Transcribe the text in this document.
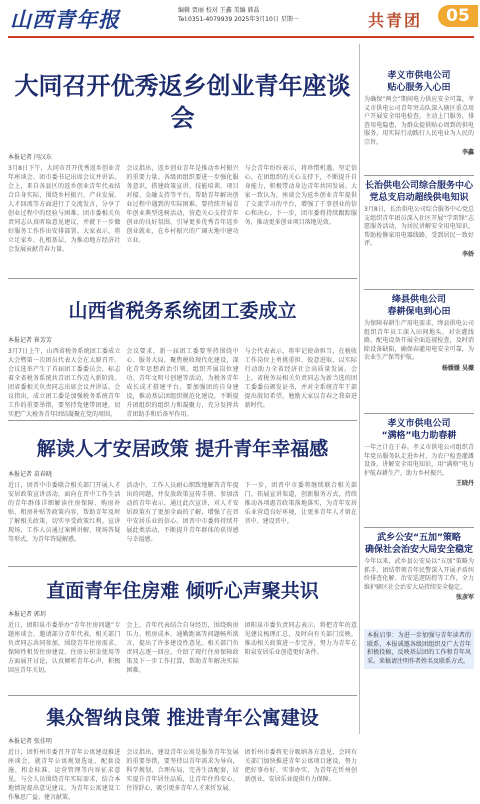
山西青年报	编辑 贾丽 校对 王鑫 美编 韩晶
Tel:0351-4079939 2025年3月10日 星期一	共青团	05
大同召开优秀返乡创业青年座谈会
本报记者 闫汉东
3月8日下午，大同市召开优秀返乡创业青年座谈会。团市委书记出席会议并讲话。会上，来自各县区的返乡创业青年代表结合自身实际，围绕乡村振兴、产业发展、人才回流等方面进行了交流发言，分享了创业过程中的经验与困难。团市委相关负责同志认真听取意见建议，并就下一步做好服务工作作出安排部署。大家表示，将立足家乡、扎根基层，为推动地方经济社会发展贡献青春力量。
会议指出，返乡创业青年是推动乡村振兴的重要力量。各级团组织要进一步强化服务意识，搭建政策宣讲、技能培训、项目对接、金融支持等平台，帮助青年解决创业过程中遇到的实际困难。要持续开展青年创业典型选树活动，营造关心支持青年创业的良好氛围，引导更多优秀青年返乡创业就业，在乡村振兴的广阔天地中建功立业。
与会青年纷纷表示，将珍惜机遇、坚定信心，在团组织的关心支持下，不断提升自身能力，积极带动身边青年共同发展。大家一致认为，座谈会为返乡创业青年提供了交流学习的平台，增强了干事创业的信心和决心。下一步，团市委将持续跟踪服务，推动更多创业项目落地见效。
山西省税务系统团工委成立
本报记者 崔芳芳
3月7日上午，山西省税务系统团工委成立大会暨第一次团员代表大会在太原召开。会议选举产生了首届团工委委员会，标志着全省税务系统共青团工作迈入新阶段。团省委相关负责同志出席会议并讲话。会议指出，成立团工委是加强税务系统青年工作的重要举措，要坚持党建带团建，切实把广大税务青年团结凝聚在党的周围。
会议要求，新一届团工委要坚持围绕中心、服务大局，聚焦税收现代化建设，深化青年思想政治引领，组织开展岗位建功、青年文明号创建等活动，为税务青年成长成才搭建平台。要加强团的自身建设，推动基层团组织规范化建设，不断提升团组织的组织力和凝聚力，充分发挥共青团助手和后备军作用。
与会代表表示，将牢记使命担当，在税收工作岗位上勇挑重担、锐意进取，以实际行动助力全省经济社会高质量发展。会上，省税务局相关负责同志为新当选的团工委委员颁发证书，并对全系统青年干部提出殷切希望，勉励大家以青春之我奋进新时代。
解读人才安居政策 提升青年幸福感
本报记者 苗春晓
近日，团晋中市委联合相关部门开展人才安居政策宣讲活动，面向在晋中工作生活的青年群体详细解读住房保障、购房补贴、租房补贴等政策内容，帮助青年及时了解相关政策，切实享受政策红利。宣讲现场，工作人员通过案例讲解、现场答疑等形式，为青年答疑解惑。
活动中，工作人员耐心细致地解答青年提出的问题，并发放政策宣传手册。参加活动的青年表示，通过此次宣讲，对人才安居政策有了更加全面的了解，增强了在晋中安居乐业的信心。团晋中市委将持续开展此类活动，不断提升青年群体的获得感与幸福感。
下一步，团晋中市委将继续联合相关部门，拓展宣讲渠道，创新服务方式，持续推动各项惠青政策落地落实，为青年安居乐业营造良好环境，让更多青年人才留在晋中、建设晋中。
直面青年住房难 倾听心声聚共识
本报记者 郭玥
近日，团阳泉市委举办“青年住房问题”专题座谈会，邀请部分青年代表、相关部门负责同志共同参加，围绕青年住房需求、保障性租赁住房建设、住房公积金使用等方面展开讨论，认真倾听青年心声，积极回应青年关切。
会上，青年代表结合自身经历，围绕购房压力、租房成本、通勤距离等问题畅所欲言，提出了许多建设性意见。相关部门负责同志逐一回应，介绍了现行住房保障政策及下一步工作打算，帮助青年解决实际困难。
团阳泉市委负责同志表示，将把青年的意见建议梳理汇总，及时向有关部门反映，推动相关政策进一步完善，努力为青年在阳泉安居乐业创造更好条件。
集众智纳良策 推进青年公寓建设
本报记者 张佳明
近日，团忻州市委召开青年公寓建设推进座谈会，就青年公寓规划选址、配套设施、租金标准、运营管理等内容征求意见。与会人员围绕青年实际需求，结合本地情况提出意见建议，为青年公寓建设工作集思广益、建言献策。
会议指出，建设青年公寓是服务青年发展的重要举措，要坚持以青年需求为导向，科学规划、合理布局，完善生活配套，切实提升青年居住品质，让青年住得安心、住得舒心，吸引更多青年人才来忻发展。
团忻州市委将充分吸纳各方意见，会同有关部门加快推进青年公寓项目建设，努力把好事办好、实事办实，为青年在忻州创新创业、安居乐业提供有力保障。
孝义市供电公司
贴心服务入心田
为确保“两会”期间电力供应安全可靠，孝义市供电公司青年突击队深入辖区重点用户开展安全用电检查，主动上门服务，排查用电隐患，为群众提供贴心周到的供电服务，用实际行动践行人民电业为人民的宗旨。
李鑫
长治供电公司综合服务中心
党总支启动超线供电知识
3月8日，长治供电公司综合服务中心党总支组织青年团员深入社区开展“学雷锋”志愿服务活动，为居民讲解安全用电知识，帮助检修家用电器线路，受到居民一致好评。
李娇
绛县供电公司
春耕保电到心田
为保障春耕生产用电需求，绛县供电公司组织青年员工深入田间地头，对农灌线路、配电设备开展全面巡视检查，及时消除设备缺陷，确保春灌用电安全可靠，为农业生产保驾护航。
杨媛媛 吴薇
孝义市供电公司
“满格”电力助春耕
一年之计在于春。孝义市供电公司组织青年党员服务队走进乡村，为农户检查灌溉设备，讲解安全用电知识，用“满格”电力护航春耕生产，助力乡村振兴。
王晓丹
武乡公安“五加”策略
确保社会治安大局安全稳定
今年以来，武乡县公安局以“五加”策略为抓手，团结带领青年民警深入开展矛盾纠纷排查化解、治安巡逻防控等工作，全力维护辖区社会治安大局持续安全稳定。
张彦军
本报启事：为进一步加强与青年读者的联系，本报诚邀各级团组织及广大青年积极投稿，反映基层团的工作和青年风采。来稿请注明作者姓名及联系方式。
